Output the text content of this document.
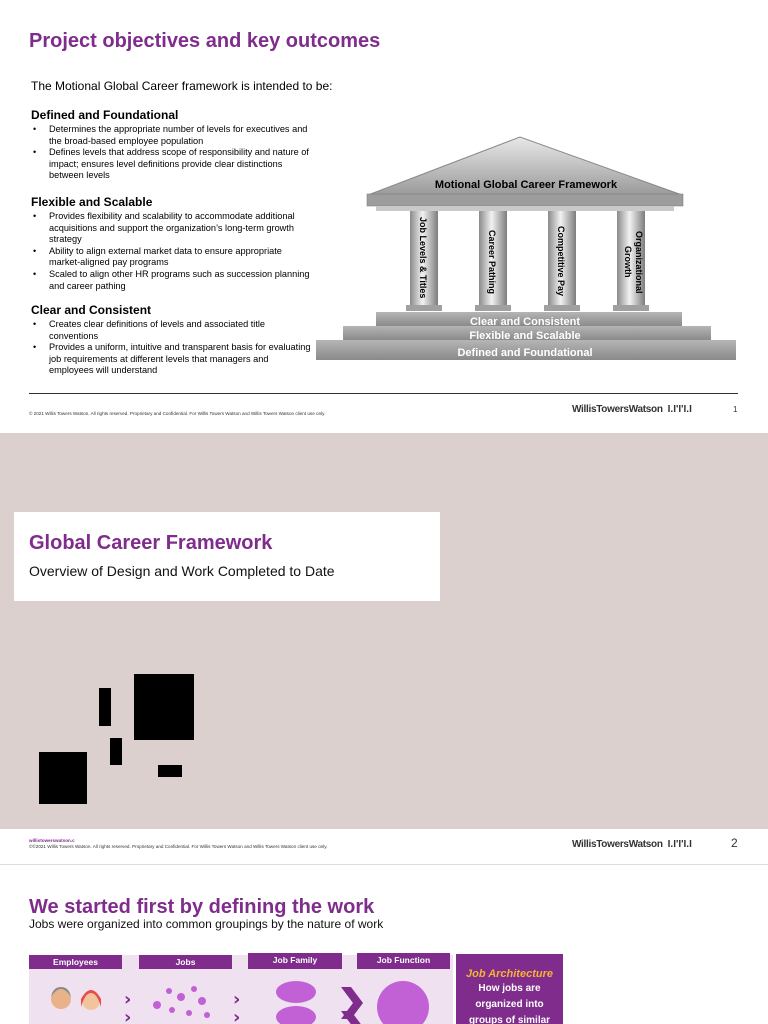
Project objectives and key outcomes
The Motional Global Career framework is intended to be:
Defined and Foundational
• Determines the appropriate number of levels for executives and the broad-based employee population
• Defines levels that address scope of responsibility and nature of impact; ensures level definitions provide clear distinctions between levels
Flexible and Scalable
• Provides flexibility and scalability to accommodate additional acquisitions and support the organization’s long-term growth strategy
• Ability to align external market data to ensure appropriate market-aligned pay programs
• Scaled to align other HR programs such as succession planning and career pathing
Clear and Consistent
• Creates clear definitions of levels and associated title conventions
• Provides a uniform, intuitive and transparent basis for evaluating job requirements at different levels that managers and employees will understand
Motional Global Career Framework
Job Levels & Titles	Career Pathing	Competitive Pay	Organizational Growth
Clear and Consistent
Flexible and Scalable
Defined and Foundational
© 2021 Willis Towers Watson. All rights reserved. Proprietary and Confidential. For Willis Towers Watson and Willis Towers Watson client use only.	WillisTowersWatson I.I'I'I.I	1
Global Career Framework
Overview of Design and Work Completed to Date
willistowerswatson.c
©©2021 Willis Towers Watson. All rights reserved. Proprietary and Confidential. For Willis Towers Watson and Willis Towers Watson client use only.	WillisTowersWatson I.I'I'I.I	2
We started first by defining the work
Jobs were organized into common groupings by the nature of work
Employees	Jobs	Job Family	Job Function
›
›
›
›
Job Architecture
How jobs are
organized into
groups of similar
